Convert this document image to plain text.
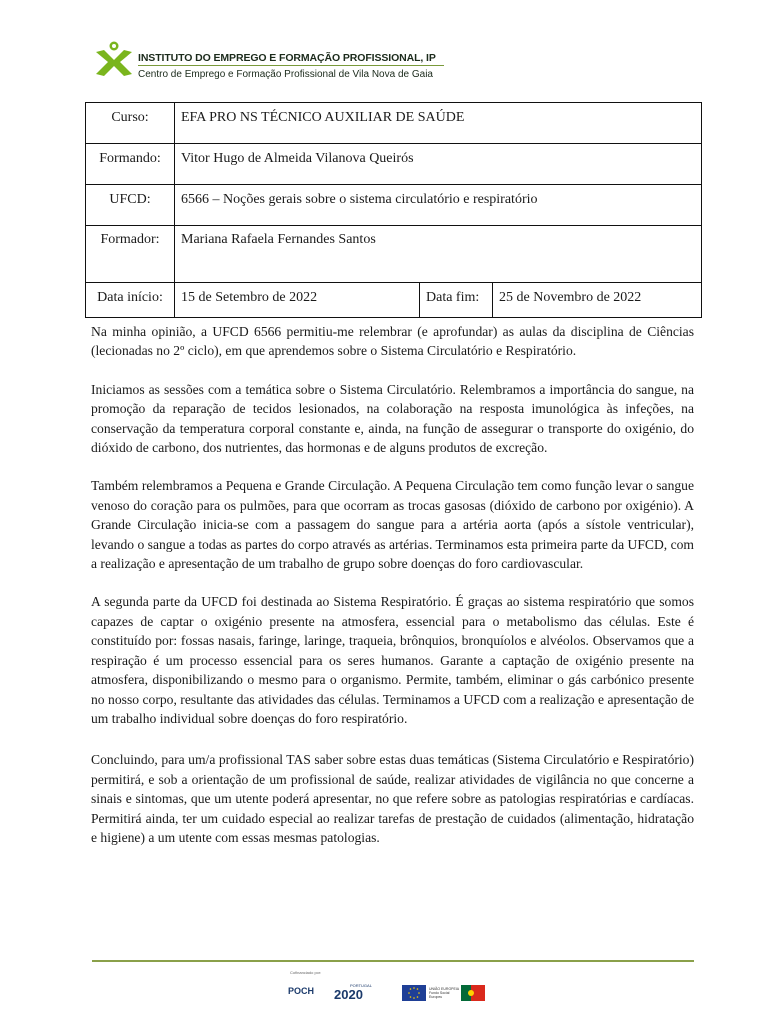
INSTITUTO DO EMPREGO E FORMAÇÃO PROFISSIONAL, IP
Centro de Emprego e Formação Profissional de Vila Nova de Gaia
Curso:	EFA PRO NS TÉCNICO AUXILIAR DE SAÚDE		
Formando:	Vitor Hugo de Almeida Vilanova Queirós		
UFCD:	6566 – Noções gerais sobre o sistema circulatório e respiratório		
Formador:	Mariana Rafaela Fernandes Santos		
Data início:	15 de Setembro de 2022	Data fim:	25 de Novembro de 2022

Na minha opinião, a UFCD 6566 permitiu-me relembrar (e aprofundar) as aulas da disciplina de Ciências (lecionadas no 2º ciclo), em que aprendemos sobre o Sistema Circulatório e Respiratório.

Iniciamos as sessões com a temática sobre o Sistema Circulatório. Relembramos a importância do sangue, na promoção da reparação de tecidos lesionados, na colaboração na resposta imunológica às infeções, na conservação da temperatura corporal constante e, ainda, na função de assegurar o transporte do oxigénio, do dióxido de carbono, dos nutrientes, das hormonas e de alguns produtos de excreção.

Também relembramos a Pequena e Grande Circulação. A Pequena Circulação tem como função levar o sangue venoso do coração para os pulmões, para que ocorram as trocas gasosas (dióxido de carbono por oxigénio). A Grande Circulação inicia-se com a passagem do sangue para a artéria aorta (após a sístole ventricular), levando o sangue a todas as partes do corpo através as artérias. Terminamos esta primeira parte da UFCD, com a realização e apresentação de um trabalho de grupo sobre doenças do foro cardiovascular.

A segunda parte da UFCD foi destinada ao Sistema Respiratório. É graças ao sistema respiratório que somos capazes de captar o oxigénio presente na atmosfera, essencial para o metabolismo das células. Este é constituído por: fossas nasais, faringe, laringe, traqueia, brônquios, bronquíolos e alvéolos. Observamos que a respiração é um processo essencial para os seres humanos. Garante a captação de oxigénio presente na atmosfera, disponibilizando o mesmo para o organismo. Permite, também, eliminar o gás carbónico presente no nosso corpo, resultante das atividades das células. Terminamos a UFCD com a realização e apresentação de um trabalho individual sobre doenças do foro respiratório.

Concluindo, para um/a profissional TAS saber sobre estas duas temáticas (Sistema Circulatório e Respiratório) permitirá, e sob a orientação de um profissional de saúde, realizar atividades de vigilância no que concerne a sinais e sintomas, que um utente poderá apresentar, no que refere sobre as patologias respiratórias e cardíacas. Permitirá ainda, ter um cuidado especial ao realizar tarefas de prestação de cuidados (alimentação, hidratação e higiene) a um utente com essas mesmas patologias.

Cofinanciado por:
POCH
PORTUGAL
2020	UNIÃO EUROPEIA Fundo Social Europeu
